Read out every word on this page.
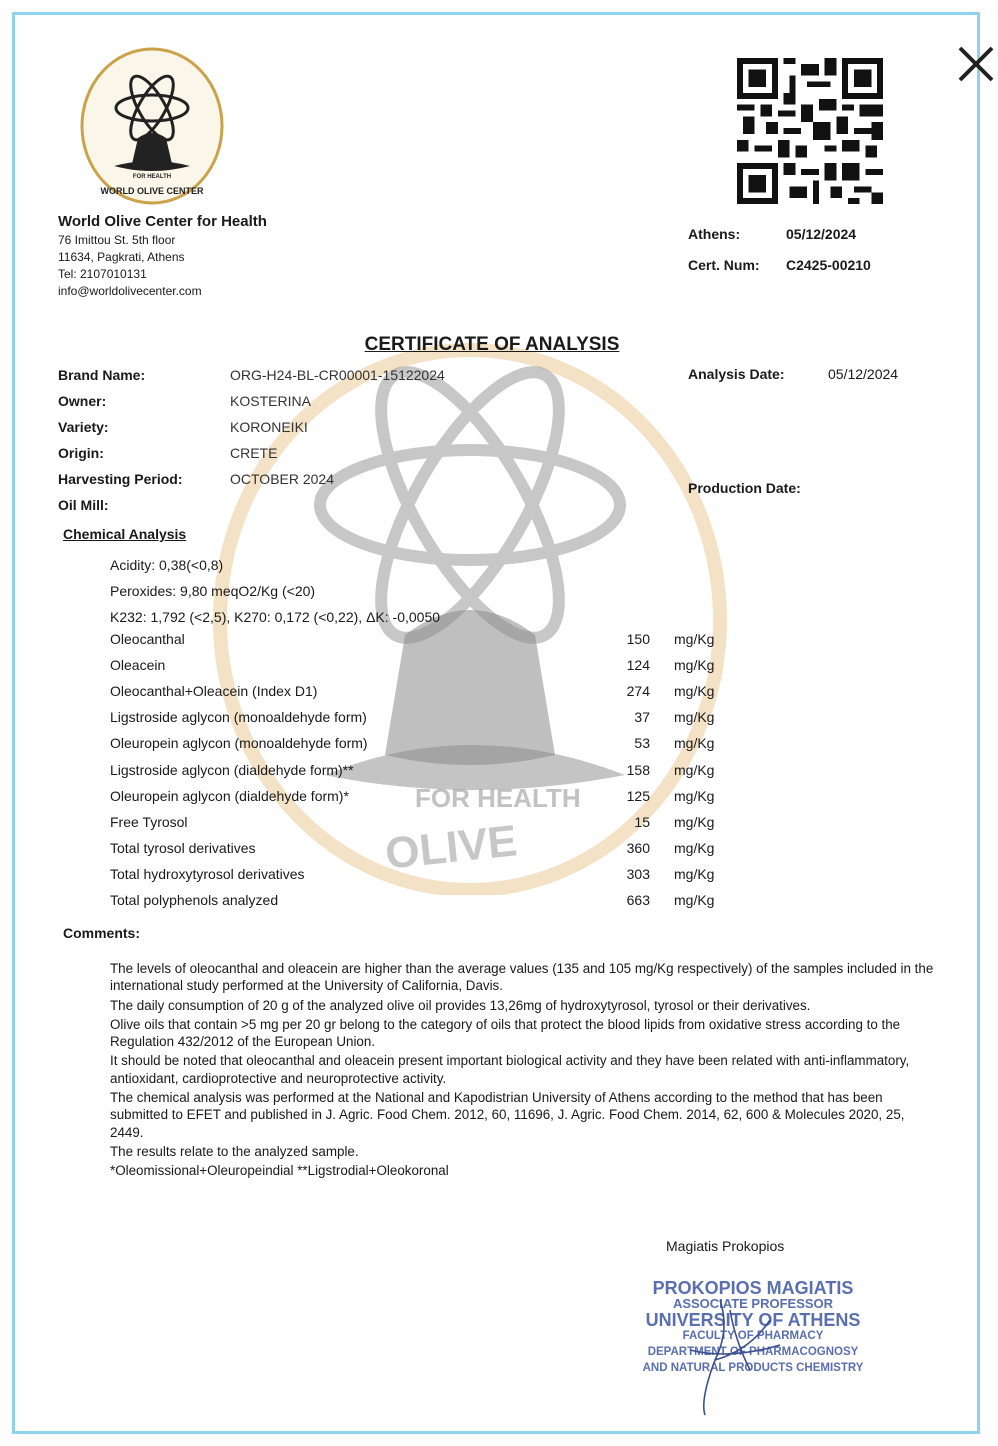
FOR HEALTH
OLIVE
FOR HEALTH
WORLD OLIVE CENTER
World Olive Center for Health
76 Imittou St. 5th floor
11634, Pagkrati, Athens
Tel: 2107010131
info@worldolivecenter.com
Athens:	05/12/2024
Cert. Num:	C2425-00210
CERTIFICATE OF ANALYSIS
Brand Name:	ORG-H24-BL-CR00001-15122024
Owner:	KOSTERINA
Variety:	KORONEIKI
Origin:	CRETE
Harvesting Period:	OCTOBER 2024
Oil Mill:
Analysis Date:	05/12/2024
Production Date:
Chemical Analysis
Acidity: 0,38(<0,8)
Peroxides: 9,80 meqO2/Kg (<20)
K232: 1,792 (<2,5), K270: 0,172 (<0,22), ΔK: -0,0050
Oleocanthal	150 mg/Kg
Oleacein	124 mg/Kg
Oleocanthal+Oleacein (Index D1)	274 mg/Kg
Ligstroside aglycon (monoaldehyde form)	37 mg/Kg
Oleuropein aglycon (monoaldehyde form)	53 mg/Kg
Ligstroside aglycon (dialdehyde form)**	158 mg/Kg
Oleuropein aglycon (dialdehyde form)*	125 mg/Kg
Free Tyrosol	15 mg/Kg
Total tyrosol derivatives	360 mg/Kg
Total hydroxytyrosol derivatives	303 mg/Kg
Total polyphenols analyzed	663 mg/Kg
Comments:

The levels of oleocanthal and oleacein are higher than the average values (135 and 105 mg/Kg respectively) of the samples included in the international study performed at the University of California, Davis.

The daily consumption of 20 g of the analyzed olive oil provides 13,26mg of hydroxytyrosol, tyrosol or their derivatives.

Olive oils that contain >5 mg per 20 gr belong to the category of oils that protect the blood lipids from oxidative stress according to the Regulation 432/2012 of the European Union.

It should be noted that oleocanthal and oleacein present important biological activity and they have been related with anti-inflammatory, antioxidant, cardioprotective and neuroprotective activity.

The chemical analysis was performed at the National and Kapodistrian University of Athens according to the method that has been submitted to EFET and published in J. Agric. Food Chem. 2012, 60, 11696, J. Agric. Food Chem. 2014, 62, 600 & Molecules 2020, 25, 2449.

The results relate to the analyzed sample.

*Oleomissional+Oleuropeindial **Ligstrodial+Oleokoronal

Magiatis Prokopios
PROKOPIOS MAGIATIS
ASSOCIATE PROFESSOR
UNIVERSITY OF ATHENS
FACULTY OF PHARMACY
DEPARTMENT OF PHARMACOGNOSY
AND NATURAL PRODUCTS CHEMISTRY
